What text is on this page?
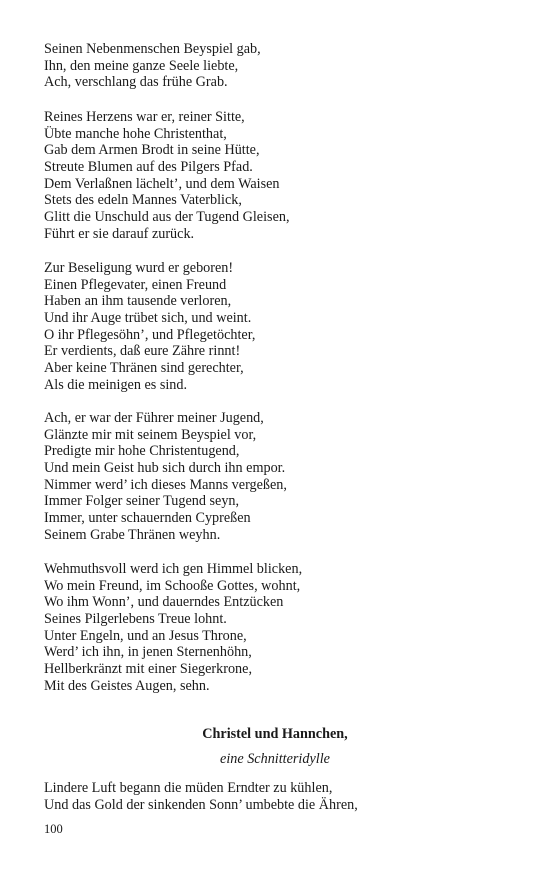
Seinen Nebenmenschen Beyspiel gab,
Ihn, den meine ganze Seele liebte,
Ach, verschlang das frühe Grab.
Reines Herzens war er, reiner Sitte,
Übte manche hohe Christenthat,
Gab dem Armen Brodt in seine Hütte,
Streute Blumen auf des Pilgers Pfad.
Dem Verlaßnen lächelt’, und dem Waisen
Stets des edeln Mannes Vaterblick,
Glitt die Unschuld aus der Tugend Gleisen,
Führt er sie darauf zurück.
Zur Beseligung wurd er geboren!
Einen Pflegevater, einen Freund
Haben an ihm tausende verloren,
Und ihr Auge trübet sich, und weint.
O ihr Pflegesöhn’, und Pflegetöchter,
Er verdients, daß eure Zähre rinnt!
Aber keine Thränen sind gerechter,
Als die meinigen es sind.
Ach, er war der Führer meiner Jugend,
Glänzte mir mit seinem Beyspiel vor,
Predigte mir hohe Christentugend,
Und mein Geist hub sich durch ihn empor.
Nimmer werd’ ich dieses Manns vergeßen,
Immer Folger seiner Tugend seyn,
Immer, unter schauernden Cypreßen
Seinem Grabe Thränen weyhn.
Wehmuthsvoll werd ich gen Himmel blicken,
Wo mein Freund, im Schooße Gottes, wohnt,
Wo ihm Wonn’, und dauerndes Entzücken
Seines Pilgerlebens Treue lohnt.
Unter Engeln, und an Jesus Throne,
Werd’ ich ihn, in jenen Sternenhöhn,
Hellberkränzt mit einer Siegerkrone,
Mit des Geistes Augen, sehn.
Christel und Hannchen,
eine Schnitteridylle
Lindere Luft begann die müden Erndter zu kühlen,
Und das Gold der sinkenden Sonn’ umbebte die Ähren,
100
